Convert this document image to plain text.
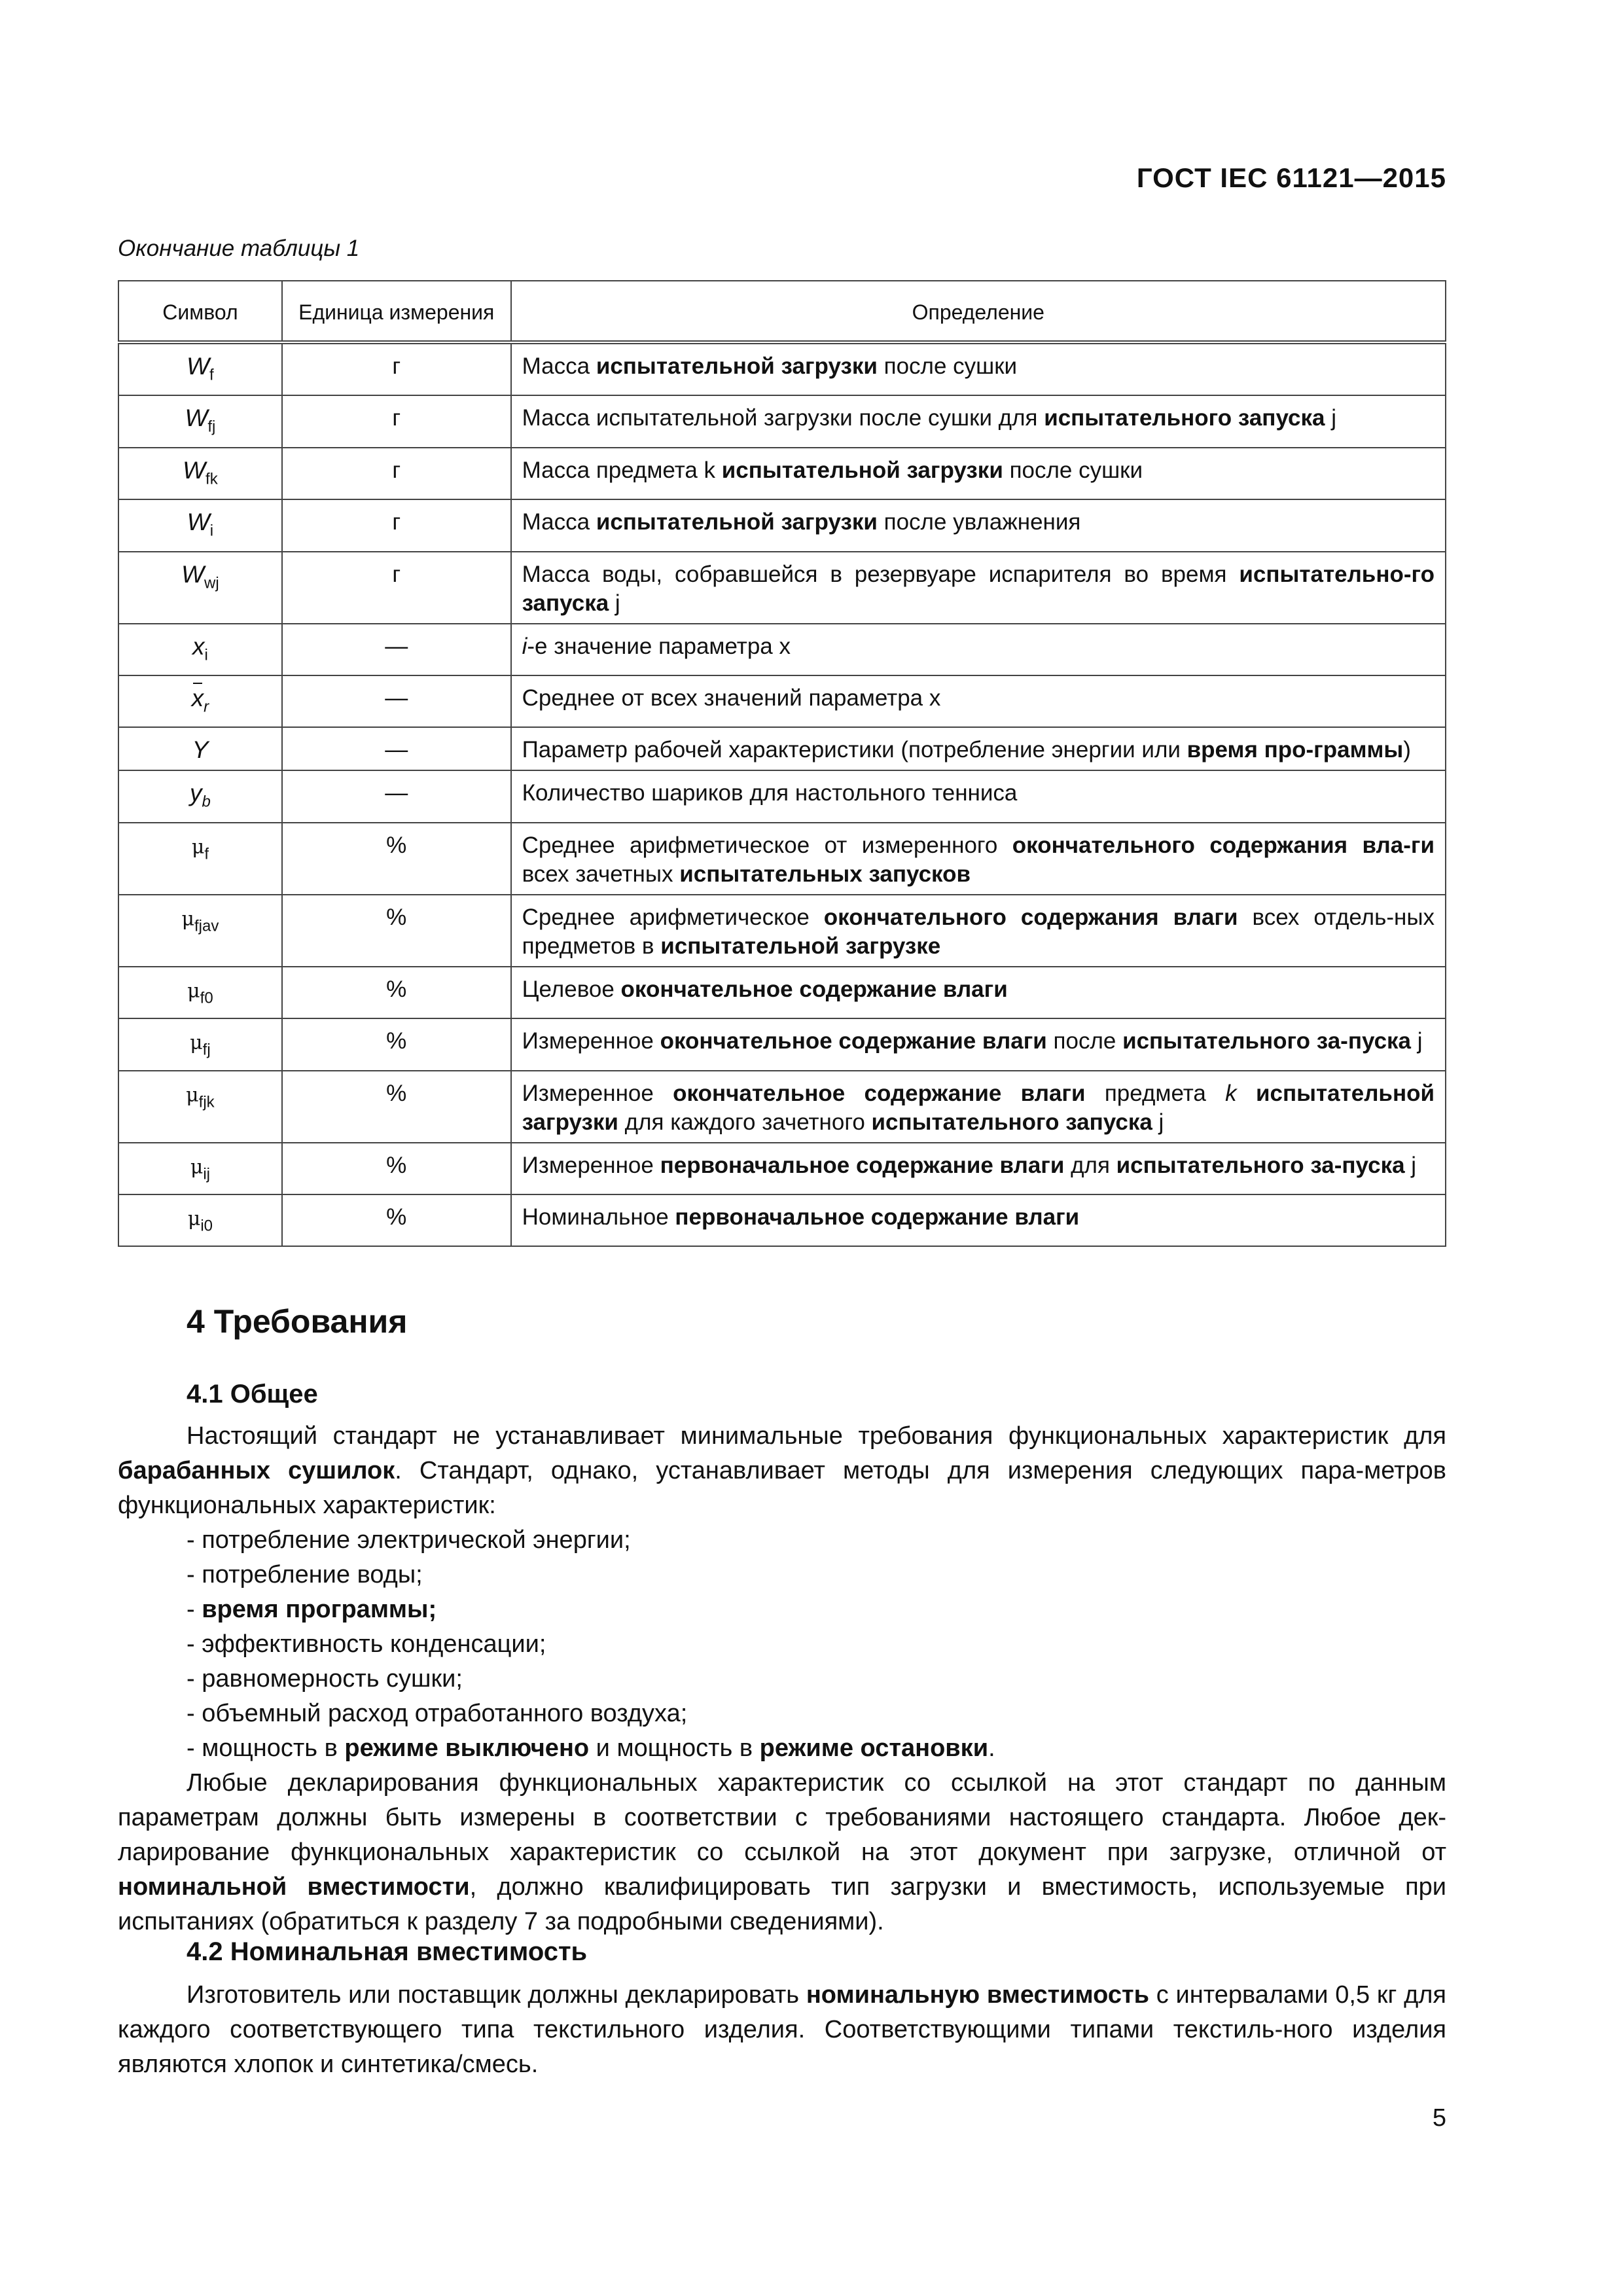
ГОСТ IEC 61121—2015
Окончание таблицы 1
Символ	Единица измерения	Определение
$W_f$	г	Масса испытательной загрузки после сушки
$W_{fj}$	г	Масса испытательной загрузки после сушки для испытательного запуска j
$W_{fk}$	г	Масса предмета k испытательной загрузки после сушки
$W_i$	г	Масса испытательной загрузки после увлажнения
$W_{wj}$	г	Масса воды, собравшейся в резервуаре испарителя во время испытательно-го запуска j
$x_i$	—	i-е значение параметра x
$x_r$	—	Среднее от всех значений параметра x
Y	—	Параметр рабочей характеристики (потребление энергии или время про-граммы)
$y_b$	—	Количество шариков для настольного тенниса
$\mu_f$	%	Среднее арифметическое от измеренного окончательного содержания вла-ги всех зачетных испытательных запусков
$\mu_{fjav}$	%	Среднее арифметическое окончательного содержания влаги всех отдель-ных предметов в испытательной загрузке
$\mu_{f0}$	%	Целевое окончательное содержание влаги
$\mu_{fj}$	%	Измеренное окончательное содержание влаги после испытательного за-пуска j
$\mu_{fjk}$	%	Измеренное окончательное содержание влаги предмета k испытательной загрузки для каждого зачетного испытательного запуска j
$\mu_{ij}$	%	Измеренное первоначальное содержание влаги для испытательного за-пуска j
$\mu_{i0}$	%	Номинальное первоначальное содержание влаги
4 Требования
4.1 Общее

Настоящий стандарт не устанавливает минимальные требования функциональных характеристик для барабанных сушилок. Стандарт, однако, устанавливает методы для измерения следующих пара-метров функциональных характеристик:

- потребление электрической энергии;
- потребление воды;
- время программы;
- эффективность конденсации;
- равномерность сушки;
- объемный расход отработанного воздуха;
- мощность в режиме выключено и мощность в режиме остановки.

Любые декларирования функциональных характеристик со ссылкой на этот стандарт по данным параметрам должны быть измерены в соответствии с требованиями настоящего стандарта. Любое дек-ларирование функциональных характеристик со ссылкой на этот документ при загрузке, отличной от номинальной вместимости, должно квалифицировать тип загрузки и вместимость, используемые при испытаниях (обратиться к разделу 7 за подробными сведениями).

4.2 Номинальная вместимость

Изготовитель или поставщик должны декларировать номинальную вместимость с интервалами 0,5 кг для каждого соответствующего типа текстильного изделия. Соответствующими типами текстиль-ного изделия являются хлопок и синтетика/смесь.

5
